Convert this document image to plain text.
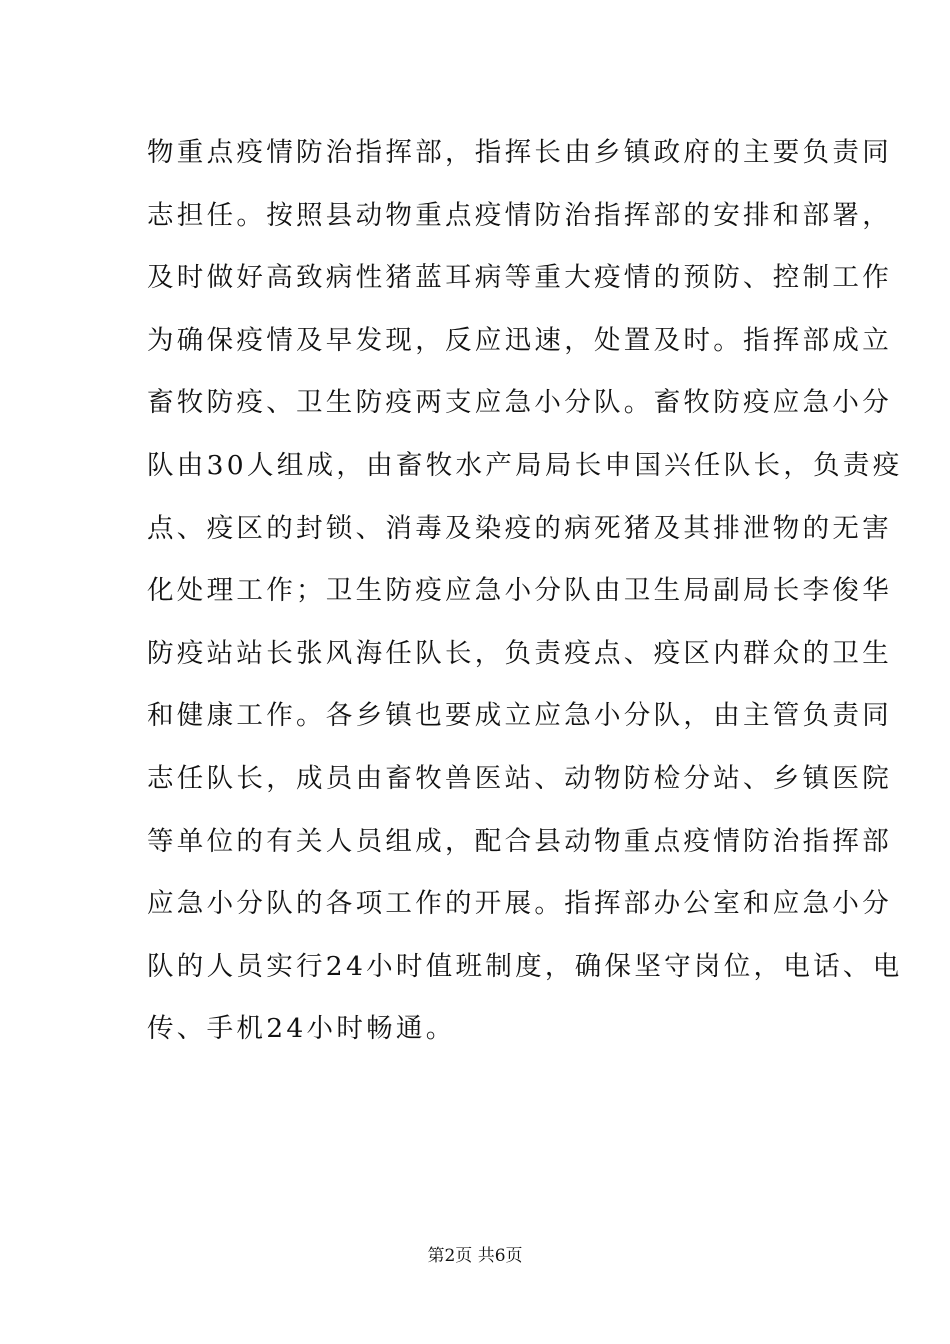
物重点疫情防治指挥部，指挥长由乡镇政府的主要负责同
志担任。按照县动物重点疫情防治指挥部的安排和部署，
及时做好高致病性猪蓝耳病等重大疫情的预防、控制工作
为确保疫情及早发现，反应迅速，处置及时。指挥部成立
畜牧防疫、卫生防疫两支应急小分队。畜牧防疫应急小分
队由30人组成，由畜牧水产局局长申国兴任队长，负责疫
点、疫区的封锁、消毒及染疫的病死猪及其排泄物的无害
化处理工作；卫生防疫应急小分队由卫生局副局长李俊华
防疫站站长张风海任队长，负责疫点、疫区内群众的卫生
和健康工作。各乡镇也要成立应急小分队，由主管负责同
志任队长，成员由畜牧兽医站、动物防检分站、乡镇医院
等单位的有关人员组成，配合县动物重点疫情防治指挥部
应急小分队的各项工作的开展。指挥部办公室和应急小分
队的人员实行24小时值班制度，确保坚守岗位，电话、电
传、手机24小时畅通。
第2页 共6页
